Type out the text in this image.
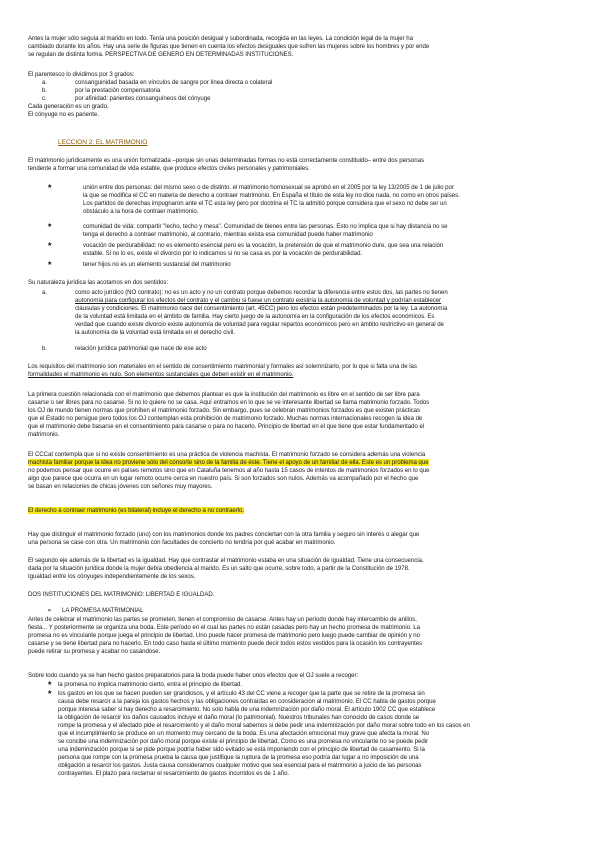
Antes la mujer sólo seguía al marido en todo. Tenía una posición desigual y subordinada, recogida en las leyes. La condición legal de la mujer ha
cambiado durante los años. Hay una serie de figuras que tienen en cuenta los efectos desiguales que sufren las mujeres sobre los hombres y por ende
se regulan de distinta forma. PERSPECTIVA DE GÉNERO EN DETERMINADAS INSTITUCIONES.
El parentesco lo dividimos por 3 grados:
a.	consanguinidad basada en vínculos de sangre por línea directa o colateral
b.	por la prestación compensatoria
c.	por afinidad: parientes consanguíneos del cónyuge
Cada generación es un grado.
El cónyuge no es pariente.
LECCIÓN 2: EL MATRIMONIO
El matrimonio jurídicamente es una unión formalizada –porque sin unas determinadas formas no está correctamente constituido– entre dos personas
tendente a formar una comunidad de vida estable, que produce efectos civiles personales y patrimoniales.
★	unión entre dos personas: del mismo sexo o de distinto. el matrimonio homosexual se aprobó en el 2005 por la ley 13/2005 de 1 de julio por
la que se modifica el CC en materia de derecho a contraer matrimonio. En España el título de esta ley no dice nada, no como en otros países.
Los partidos de derechas impugnaron ante el TC esta ley pero por doctrina el TC la admitió porque considera que el sexo no debe ser un
obstáculo a la hora de contraer matrimonio.
★	comunidad de vida: compartir "lecho, techo y mesa". Comunidad de bienes entre las personas. Esto no implica que si hay distancia no se
tenga el derecho a contraer matrimonio, al contrario, mientras exista esa comunidad puede haber matrimonio
★	vocación de perdurabilidad: no es elemento esencial pero es la vocación, la pretensión de que el matrimonio dure, que sea una relación
estable. Si no lo es, existe el divorcio por lo indicamos si no se casa es por la vocación de perdurabilidad.
★	tener hijos no es un elemento sustancial del matrimonio
Su naturaleza jurídica las acotamos en dos sentidos:
a.	como acto jurídico (NO contrato): no es un acto y no un contrato porque debemos recordar la diferencia entre estos dos, las partes no tienen
autonomía para configurar los efectos del contrato y el cambio si fuese un contrato existiría la autonomía de voluntad y podrían establecer
cláusulas y condiciones. El matrimonio nace del consentimiento (art. 45CC) pero los efectos están predeterminados por la ley. La autonomía
de la voluntad está limitada en el ámbito de familia. Hay cierto juego de la autonomía en la configuración de los efectos económicos. Es
verdad que cuando existe divorcio existe autonomía de voluntad para regular repartos económicos pero en ámbito restrictivo en general de
la autonomía de la voluntad está limitada en el derecho civil.
b.	relación jurídica patrimonial que nace de ese acto
Los requisitos del matrimonio son materiales en el sentido de consentimiento matrimonial y formales así solemnizarlo, por lo que si falta una de las
formalidades el matrimonio es nulo. Son elementos sustanciales que deben existir en el matrimonio.
La primera cuestión relacionada con el matrimonio que debemos plantear es que la institución del matrimonio es libre en el sentido de ser libre para
casarse o ser libres para no casarse. Si no lo quiere no se casa. Aquí entramos en lo que se ve interesante libertad se llama matrimonio forzado. Todos
los OJ de mundo tienen normas que prohíben el matrimonio forzado. Sin embargo, pues se celebran matrimonios forzados es que existen prácticas
que el Estado no persigue pero todos los OJ contemplan esta prohibición de matrimonio forzado. Muchas normas internacionales recogen la idea de
que el matrimonio debe basarse en el consentimiento para casarse o para no hacerlo. Principio de libertad en el que tiene que estar fundamentado el
matrimonio.
El CCCat contempla que si no existe consentimiento es una práctica de violencia machista. El matrimonio forzado se considera además una violencia
machista familiar porque la idea no proviene sólo del consorte sino de la familia de éste. Tiene el apoyo de un familiar de ella. Este es un problema que
no podemos pensar que ocurre en países remotos sino que en Cataluña tenemos al año hasta 15 casos de intentos de matrimonios forzados en lo que
algo que parece que ocurra en un lugar remoto ocurre cerca en nuestro país. Si son forzados son nulos. Además va acompañado por el hecho que
se basan en relaciones de chicas jóvenes con señores muy mayores.
El derecho a contraer matrimonio (es bilateral) incluye el derecho a no contraerlo.
Hay que distinguir el matrimonio forzado (uno) con los matrimonios donde los padres conciertan con la otra familia y seguro sin interés o alegar que
una persona se case con otra. Un matrimonio con facultades de concierto no tendría por qué acabar en matrimonio.
El segundo eje además de la libertad es la igualdad. Hay que contrastar el matrimonio estaba en una situación de igualdad. Tiene una consecuencia,
dada por la situación jurídica donde la mujer debía obediencia al marido. Es un salto que ocurre, sobre todo, a partir de la Constitución de 1978.
Igualdad entre los cónyuges independientemente de los sexos.
DOS INSTITUCIONES DEL MATRIMONIO: LIBERTAD E IGUALDAD.
➢	LA PROMESA MATRIMONIAL
Antes de celebrar el matrimonio las partes se prometen, tienen el compromiso de casarse. Antes hay un período donde hay intercambio de anillos,
fiesta... Y posteriormente se organiza una boda. Este período en el cual las partes no están casadas pero hay un hecho promesa de matrimonio. La
promesa no es vinculante porque juega el principio de libertad. Uno puede hacer promesa de matrimonio pero luego puede cambiar de opinión y no
casarse y se tiene libertad para no hacerlo. En todo caso hasta el último momento puede decir todos estos vestidos para la ocasión los contrayentes
puede retirar su promesa y acabar no casándose.
Sobre todo cuando ya se han hecho gastos preparatorios para la boda puede haber unos efectos que el OJ suele a recoger:
★ la promesa no implica matrimonio cierto, entra el principio de libertad.
★ los gastos en los que se hacen pueden ser grandiosos, y el artículo 43 del CC viene a recoger que la parte que se retire de la promesa sin
causa debe resarcir a la pareja los gastos hechos y las obligaciones contraídas en consideración al matrimonio. El CC habla de gastos porque
porque interesa saber si hay derecho a resarcimiento. No solo habla de una indemnización por daño moral. El artículo 1902 CC que establece
la obligación de resarcir los daños causados incluye el daño moral (lo patrimonial). Nuestros tribunales han conocido de casos donde se
rompe la promesa y el afectado pide el resarcimiento y el daño moral sabemos si debe pedir una indemnización por daño moral sobre todo en los casos en
que el incumplimiento se produce en un momento muy cercano de la boda. Es una afectación emocional muy grave que afecta la moral. No
se concibe una indemnización por daño moral porque existe el principio de libertad. Como es una promesa no vinculante no se puede pedir
una indemnización porque si se pide porque podría haber sido evitado se está imponiendo con el principio de libertad de casamiento. Si la
persona que rompe con la promesa prueba la causa que justifique la ruptura de la promesa eso podría dar lugar a no imposición de una
obligación a resarcir los gastos. Justa causa consideramos cualquier motivo que sea esencial para el matrimonio a juicio de las personas
contrayentes. El plazo para reclamar el resarcimiento de gastos incurridos es de 1 año.
